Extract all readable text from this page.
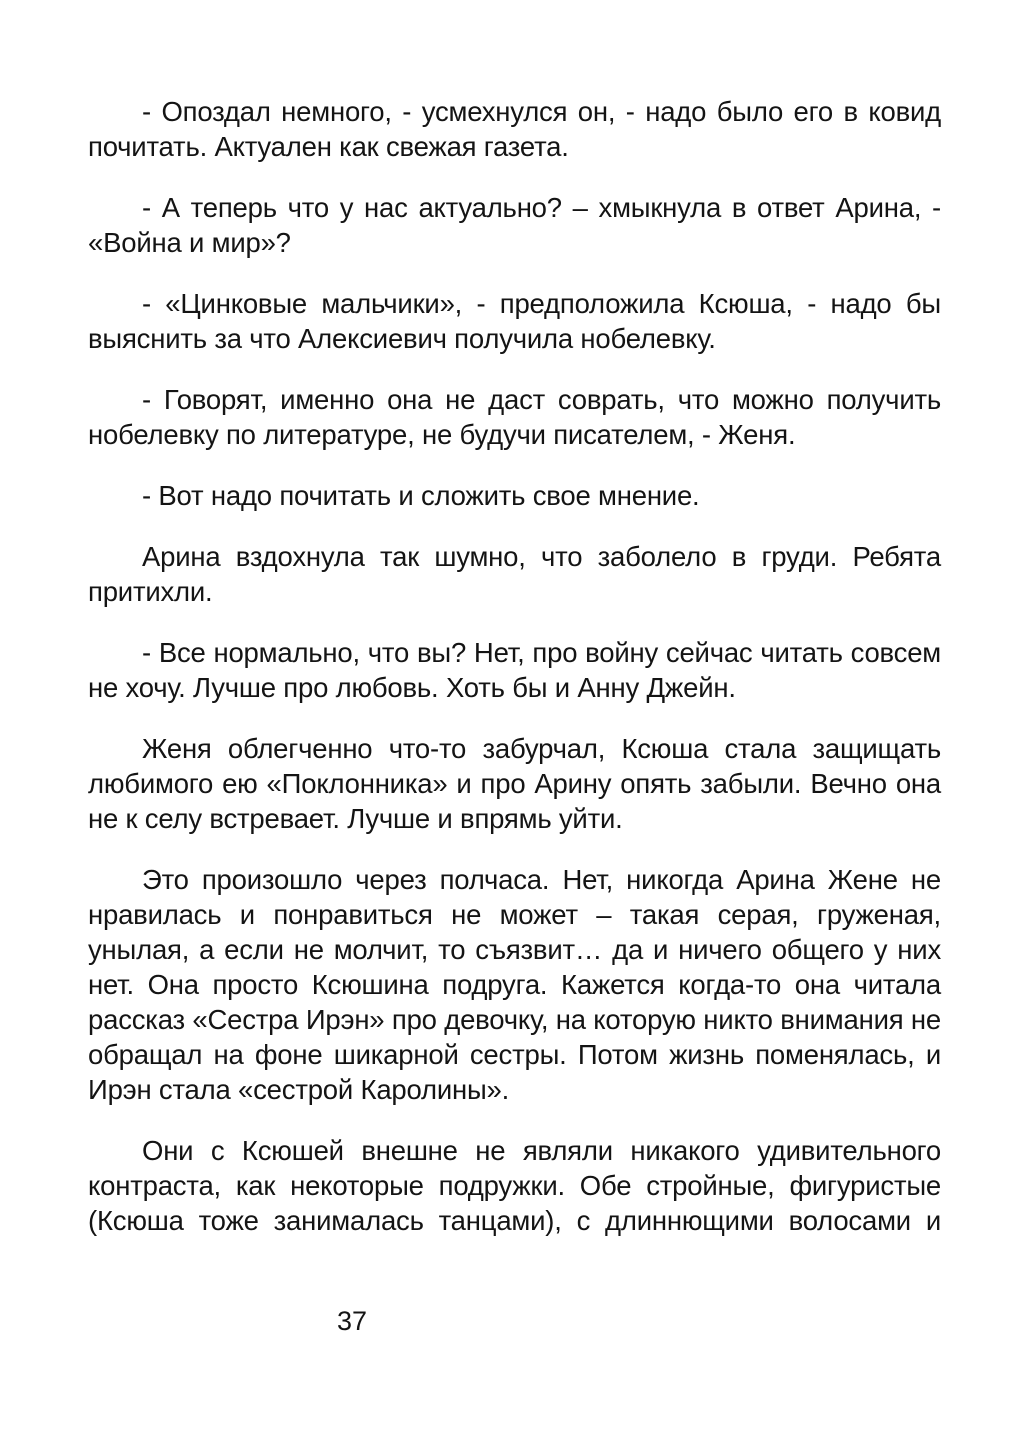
- Опоздал немного, - усмехнулся он, - надо было его в ковид почитать. Актуален как свежая газета.

- А теперь что у нас актуально? – хмыкнула в ответ Арина, - «Война и мир»?

- «Цинковые мальчики», - предположила Ксюша, - надо бы выяснить за что Алексиевич получила нобелевку.

- Говорят, именно она не даст соврать, что можно получить нобелевку по литературе, не будучи писателем, - Женя.

- Вот надо почитать и сложить свое мнение.

Арина вздохнула так шумно, что заболело в груди. Ребята притихли.

- Все нормально, что вы? Нет, про войну сейчас читать совсем не хочу. Лучше про любовь. Хоть бы и Анну Джейн.

Женя облегченно что-то забурчал, Ксюша стала защищать любимого ею «Поклонника» и про Арину опять забыли. Вечно она не к селу встревает. Лучше и впрямь уйти.

Это произошло через полчаса. Нет, никогда Арина Жене не нравилась и понравиться не может – такая серая, груженая, унылая, а если не молчит, то съязвит… да и ничего общего у них нет. Она просто Ксюшина подруга. Кажется когда-то она читала рассказ «Сестра Ирэн» про девочку, на которую никто внимания не обращал на фоне шикарной сестры. Потом жизнь поменялась, и Ирэн стала «сестрой Каролины».

Они с Ксюшей внешне не являли никакого удивительного контраста, как некоторые подружки. Обе стройные, фигуристые (Ксюша тоже занималась танцами), с длиннющими волосами и

37
